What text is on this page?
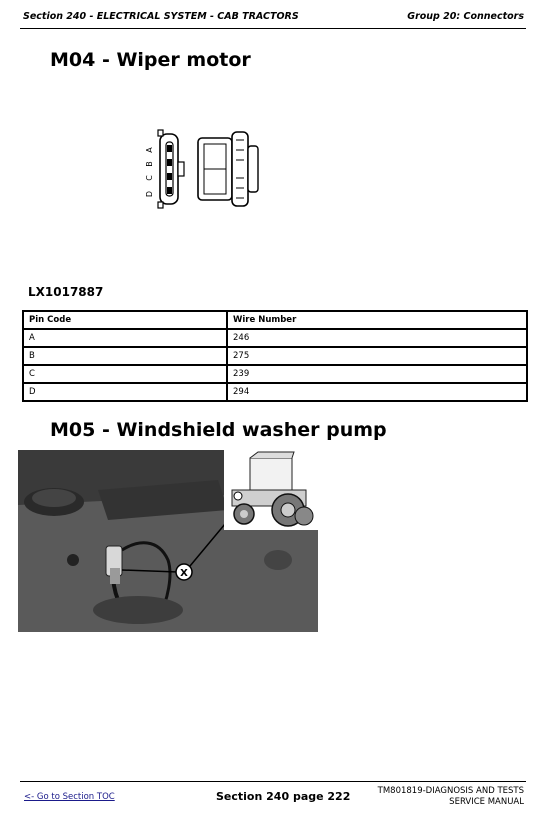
Section 240 - ELECTRICAL SYSTEM - CAB TRACTORS	Group 20: Connectors
M04 - Wiper motor
A
B
C
D
LX1017887
Pin Code	Wire Number
A	246
B	275
C	239
D	294
M05 - Windshield washer pump
X
<- Go to Section TOC	Section 240 page 222	TM801819-DIAGNOSIS AND TESTS
SERVICE MANUAL
